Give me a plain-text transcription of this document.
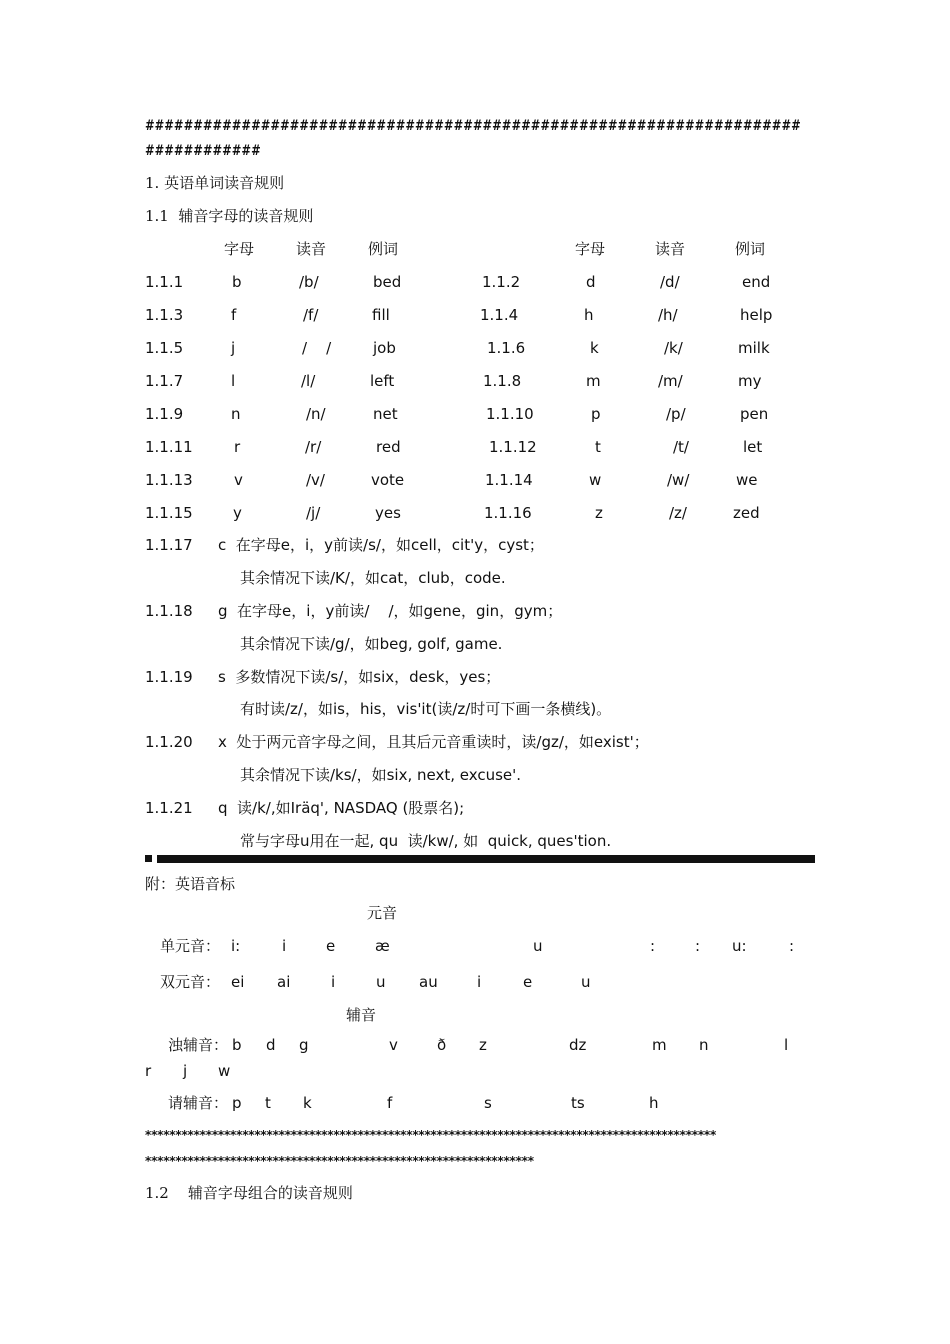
####################################################################
############
1. 英语单词读音规则
1.1  辅音字母的读音规则
字母	读音	例词	字母	读音	例词
1.1.1	b	/b/	bed	1.1.2	d	/d/	end
1.1.3	f	/f/	fill	1.1.4	h	/h/	help
1.1.5	j	/    /	job	1.1.6	k	/k/	milk
1.1.7	l	/l/	left	1.1.8	m	/m/	my
1.1.9	n	/n/	net	1.1.10	p	/p/	pen
1.1.11	r	/r/	red	1.1.12	t	/t/	let
1.1.13	v	/v/	vote	1.1.14	w	/w/	we
1.1.15	y	/j/	yes	1.1.16	z	/z/	zed
1.1.17 c  在字母e，i，y前读/s/，如cell，cit'y，cyst；
其余情况下读/K/，如cat，club，code.
1.1.18 g  在字母e，i，y前读/    /，如gene，gin，gym；
其余情况下读/g/，如beg, golf, game.
1.1.19 s  多数情况下读/s/，如six，desk，yes；
有时读/z/，如is，his，vis'it(读/z/时可下画一条横线)。
1.1.20 x  处于两元音字母之间，且其后元音重读时，读/gz/，如exist'；
其余情况下读/ks/，如six, next, excuse'.
1.1.21 q  读/k/,如Iräq', NASDAQ (股票名);
常与字母u用在一起, qu  读/kw/, 如  quick, ques'tion.
附：英语音标
元音
单元音： i:	i	e	æ	u	:	: u:	:
双元音： ei ai	i	u au	i	e	u
辅音
浊辅音： b d g	v	ð z	dz	m n	l
r j w
请辅音： p t k	f	s	ts	h
**********************************************************************************************
****************************************************************
1.2    辅音字母组合的读音规则
